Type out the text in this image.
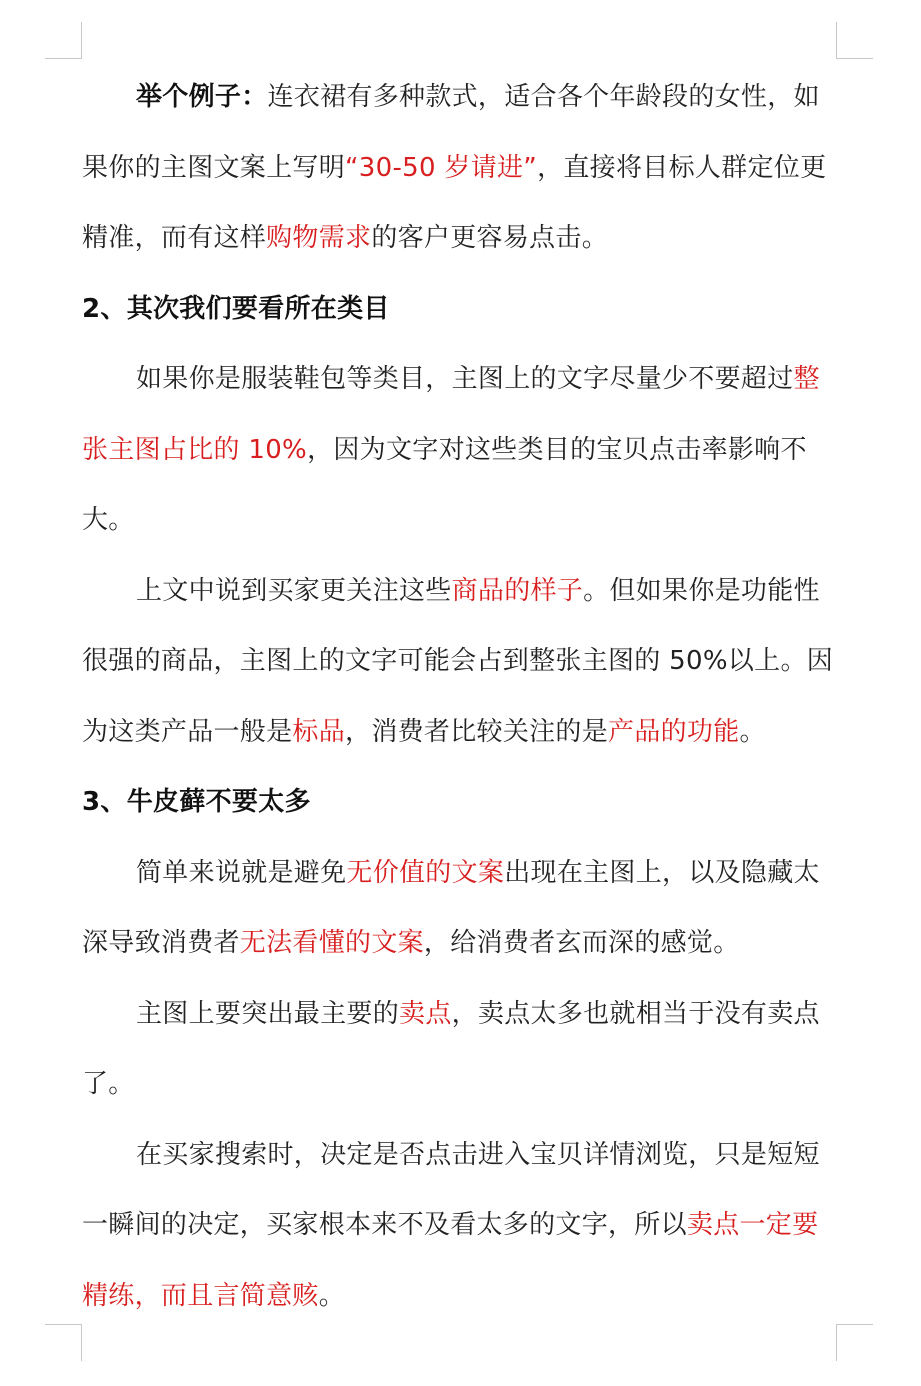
举个例子：连衣裙有多种款式，适合各个年龄段的女性，如果你的主图文案上写明“30-50 岁请进”，直接将目标人群定位更精准，而有这样购物需求的客户更容易点击。

2、其次我们要看所在类目

如果你是服装鞋包等类目，主图上的文字尽量少不要超过整张主图占比的 10%，因为文字对这些类目的宝贝点击率影响不大。

上文中说到买家更关注这些商品的样子。但如果你是功能性很强的商品，主图上的文字可能会占到整张主图的 50%以上。因为这类产品一般是标品，消费者比较关注的是产品的功能。

3、牛皮藓不要太多

简单来说就是避免无价值的文案出现在主图上，以及隐藏太深导致消费者无法看懂的文案，给消费者玄而深的感觉。

主图上要突出最主要的卖点，卖点太多也就相当于没有卖点了。

在买家搜索时，决定是否点击进入宝贝详情浏览，只是短短一瞬间的决定，买家根本来不及看太多的文字，所以卖点一定要精练，而且言简意赅。
